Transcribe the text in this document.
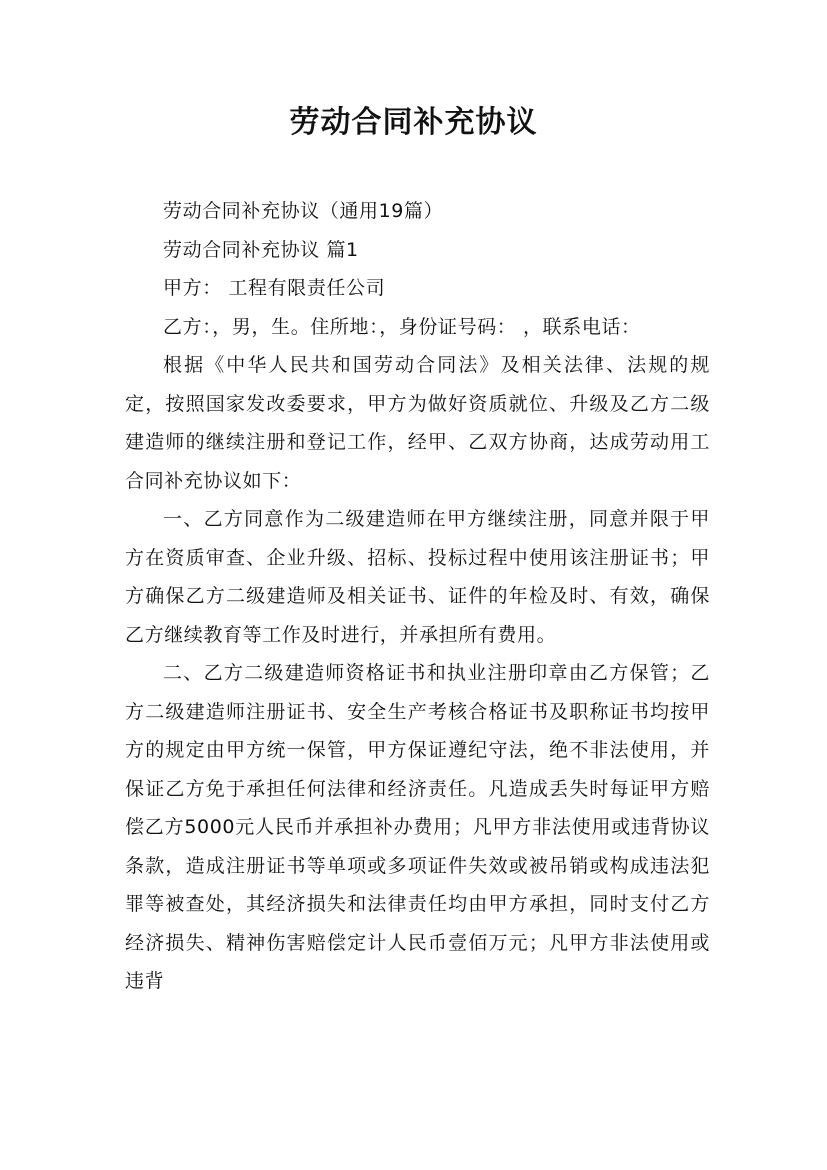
劳动合同补充协议

劳动合同补充协议（通用19篇）

劳动合同补充协议 篇1

甲方： 工程有限责任公司

乙方：，男，生。住所地：，身份证号码： ，联系电话：

根据《中华人民共和国劳动合同法》及相关法律、法规的规定，按照国家发改委要求，甲方为做好资质就位、升级及乙方二级建造师的继续注册和登记工作，经甲、乙双方协商，达成劳动用工合同补充协议如下：

一、乙方同意作为二级建造师在甲方继续注册，同意并限于甲方在资质审查、企业升级、招标、投标过程中使用该注册证书；甲方确保乙方二级建造师及相关证书、证件的年检及时、有效，确保乙方继续教育等工作及时进行，并承担所有费用。

二、乙方二级建造师资格证书和执业注册印章由乙方保管；乙方二级建造师注册证书、安全生产考核合格证书及职称证书均按甲方的规定由甲方统一保管，甲方保证遵纪守法，绝不非法使用，并保证乙方免于承担任何法律和经济责任。凡造成丢失时每证甲方赔偿乙方5000元人民币并承担补办费用；凡甲方非法使用或违背协议条款，造成注册证书等单项或多项证件失效或被吊销或构成违法犯罪等被查处，其经济损失和法律责任均由甲方承担，同时支付乙方经济损失、精神伤害赔偿定计人民币壹佰万元；凡甲方非法使用或违背
